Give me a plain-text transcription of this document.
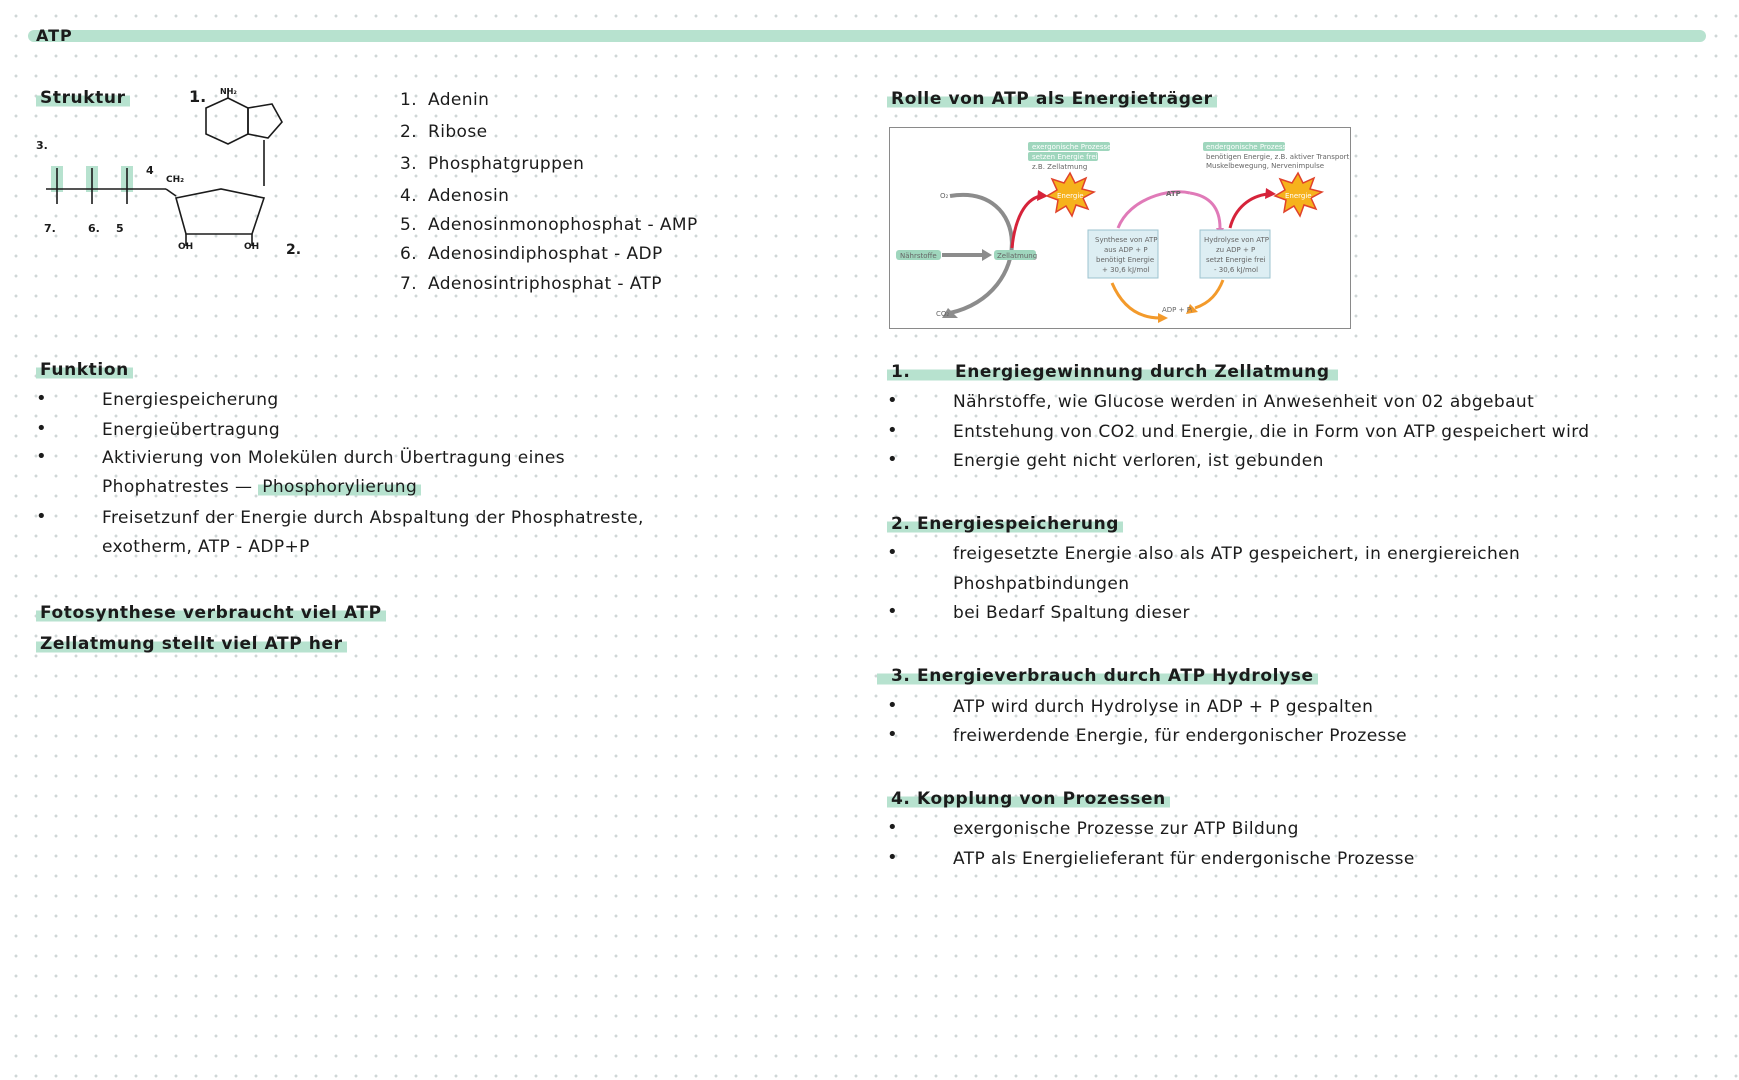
ATP
Struktur
3.
4
7.	6. 5
CH₂
OH	OH 2.
1. NH₂	1. Adenin
2. Ribose
3. Phosphatgruppen
4. Adenosin
5. Adenosinmonophosphat - AMP
6. Adenosindiphosphat - ADP
7. Adenosintriphosphat - ATP
Funktion
•	Energiespeicherung
•	Energieübertragung
•	Aktivierung von Molekülen durch Übertragung eines
Phophatrestes — Phosphorylierung
•	Freisetzunf der Energie durch Abspaltung der Phosphatreste,
exotherm, ATP - ADP+P
Fotosynthese verbraucht viel ATP
Zellatmung stellt viel ATP her
Rolle von ATP als Energieträger
exergonische Prozesse
setzen Energie frei
z.B. Zellatmung
endergonische Prozesse
benötigen Energie, z.B. aktiver Transport,
Muskelbewegung, Nervenimpulse
O₂
CO₂
Nährstoffe	Zellatmung
Energie	Energie
ATP
ADP + Pᵢ
Synthese von ATP
aus ADP + P
benötigt Energie
+ 30,6 kJ/mol
Hydrolyse von ATP
zu ADP + P
setzt Energie frei
- 30,6 kJ/mol
1.	Energiegewinnung durch Zellatmung
•	Nährstoffe, wie Glucose werden in Anwesenheit von 02 abgebaut
•	Entstehung von CO2 und Energie, die in Form von ATP gespeichert wird
•	Energie geht nicht verloren, ist gebunden
2. Energiespeicherung
•	freigesetzte Energie also als ATP gespeichert, in energiereichen
Phoshpatbindungen
•	bei Bedarf Spaltung dieser
3. Energieverbrauch durch ATP Hydrolyse
•	ATP wird durch Hydrolyse in ADP + P gespalten
•	freiwerdende Energie, für endergonischer Prozesse
4. Kopplung von Prozessen
•	exergonische Prozesse zur ATP Bildung
•	ATP als Energielieferant für endergonische Prozesse
